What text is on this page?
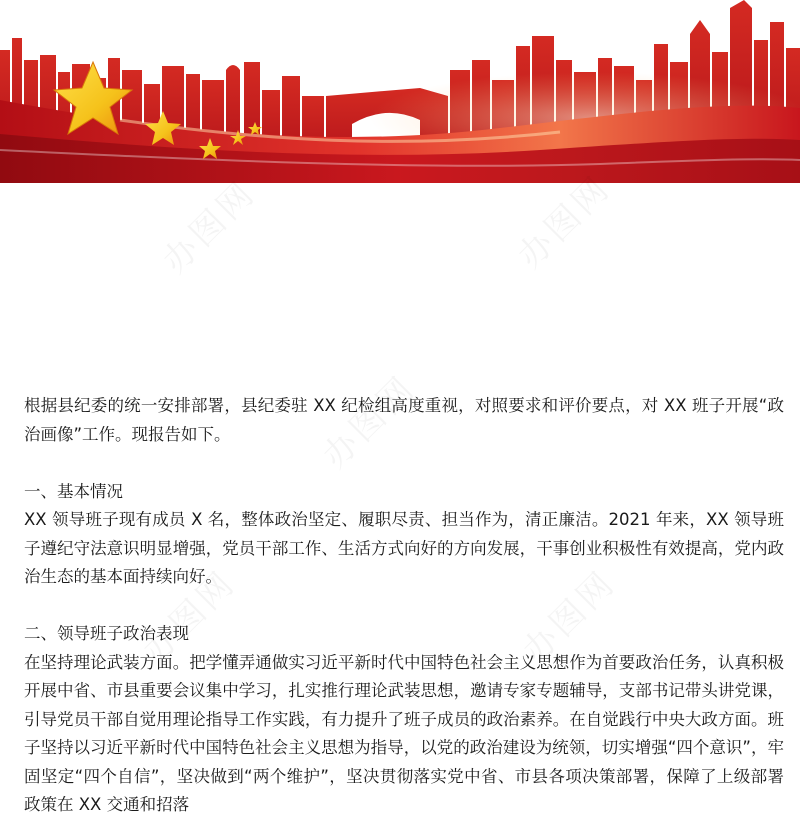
根据县纪委的统一安排部署，县纪委驻 XX 纪检组高度重视，对照要求和评价要点，对 XX 班子开展“政治画像”工作。现报告如下。

一、基本情况

XX 领导班子现有成员 X 名，整体政治坚定、履职尽责、担当作为，清正廉洁。2021 年来，XX 领导班子遵纪守法意识明显增强，党员干部工作、生活方式向好的方向发展，干事创业积极性有效提高，党内政治生态的基本面持续向好。

二、领导班子政治表现

在坚持理论武装方面。把学懂弄通做实习近平新时代中国特色社会主义思想作为首要政治任务，认真积极开展中省、市县重要会议集中学习，扎实推行理论武装思想，邀请专家专题辅导，支部书记带头讲党课，引导党员干部自觉用理论指导工作实践，有力提升了班子成员的政治素养。在自觉践行中央大政方面。班子坚持以习近平新时代中国特色社会主义思想为指导，以党的政治建设为统领，切实增强“四个意识”，牢固坚定“四个自信”，坚决做到“两个维护”，坚决贯彻落实党中省、市县各项决策部署，保障了上级部署政策在 XX 交通和招落
